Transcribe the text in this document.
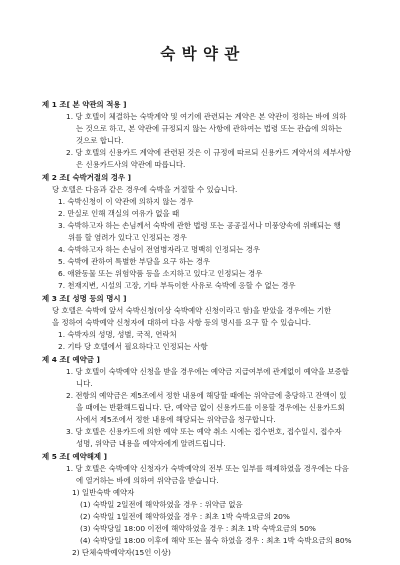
숙 박 약 관
제 1 조[ 본 약관의 적용 ]
1. 당 호텔이 체결하는 숙박계약 및 여기에 관련되는 계약은 본 약관이 정하는 바에 의하
는 것으로 하고, 본 약관에 규정되지 않는 사항에 관하여는 법령 또는 관습에 의하는
것으로 합니다.
2. 당 호텔의 신용카드 계약에 관련된 것은 이 규정에 따르되 신용카드 계약서의 세부사항
은 신용카드사의 약관에 따릅니다.
제 2 조[ 숙박거절의 경우 ]
당 호텔은 다음과 같은 경우에 숙박을 거절할 수 있습니다.
1. 숙박신청이 이 약관에 의하지 않는 경우
2. 만실로 인해 객실의 여유가 없을 때
3. 숙박하고자 하는 손님께서 숙박에 관한 법령 또는 공공질서나 미풍양속에 위배되는 행
위를 할 염려가 있다고 인정되는 경우
4. 숙박하고자 하는 손님이 전염병자라고 명백히 인정되는 경우
5. 숙박에 관하여 특별한 부담을 요구 하는 경우
6. 애완동물 또는 위험약품 등을 소지하고 있다고 인정되는 경우
7. 천재지변, 시설의 고장, 기타 부득이한 사유로 숙박에 응할 수 없는 경우
제 3 조[ 성명 등의 명시 ]
당 호텔은 숙박에 앞서 숙박신청(이상 숙박예약 신청이라고 함)을 받았을 경우에는 기한
을 정하여 숙박예약 신청자에 대하여 다음 사항 등의 명시를 요구 할 수 있습니다.
1. 숙박자의 성명, 성별, 국적, 연락처
2. 기타 당 호텔에서 필요하다고 인정되는 사항
제 4 조[ 예약금 ]
1. 당 호텔이 숙박예약 신청을 받을 경우에는 예약금 지급여부에 관계없이 예약을 보증합
니다.
2. 전항의 예약금은 제5조에서 정한 내용에 해당할 때에는 위약금에 충당하고 잔액이 있
을 때에는 반환해드립니다. 단, 예약금 없이 신용카드를 이용할 경우에는 신용카드회
사에서 제5조에서 정한 내용에 해당되는 위약금을 청구합니다.
3. 당 호텔은 신용카드에 의한 예약 또는 예약 취소 시에는 접수번호, 접수일시, 접수자
성명, 위약금 내용을 예약자에게 알려드립니다.
제 5 조[ 예약해제 ]
1. 당 호텔은 숙박예약 신청자가 숙박예약의 전부 또는 일부를 해제하였을 경우에는 다음
에 열거하는 바에 의하여 위약금을 받습니다.
1) 일반숙박 예약자
(1) 숙박일 2일전에 해약하였을 경우 : 위약금 없음
(2) 숙박일 1일전에 해약하였을 경우 : 최초 1박 숙박요금의 20%
(3) 숙박당일 18:00 이전에 해약하였을 경우 : 최초 1박 숙박요금의 50%
(4) 숙박당일 18:00 이후에 해약 또는 불숙 하였을 경우 : 최초 1박 숙박요금의 80%
2) 단체숙박예약자(15인 이상)
